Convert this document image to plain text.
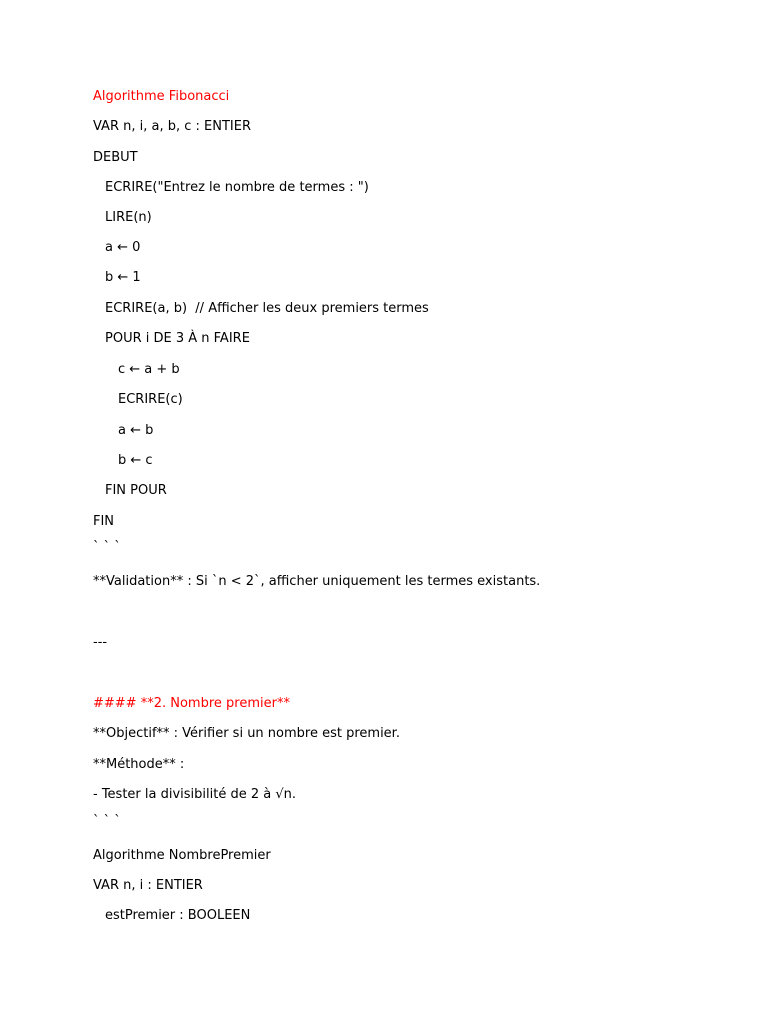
Algorithme Fibonacci
VAR n, i, a, b, c : ENTIER
DEBUT
ECRIRE("Entrez le nombre de termes : ")
LIRE(n)
a ← 0
b ← 1
ECRIRE(a, b)  // Afficher les deux premiers termes
POUR i DE 3 À n FAIRE
c ← a + b
ECRIRE(c)
a ← b
b ← c
FIN POUR
FIN
` ` `
**Validation** : Si `n < 2`, afficher uniquement les termes existants.
---
#### **2. Nombre premier**
**Objectif** : Vérifier si un nombre est premier.
**Méthode** :
- Tester la divisibilité de 2 à √n.
` ` `
Algorithme NombrePremier
VAR n, i : ENTIER
estPremier : BOOLEEN
